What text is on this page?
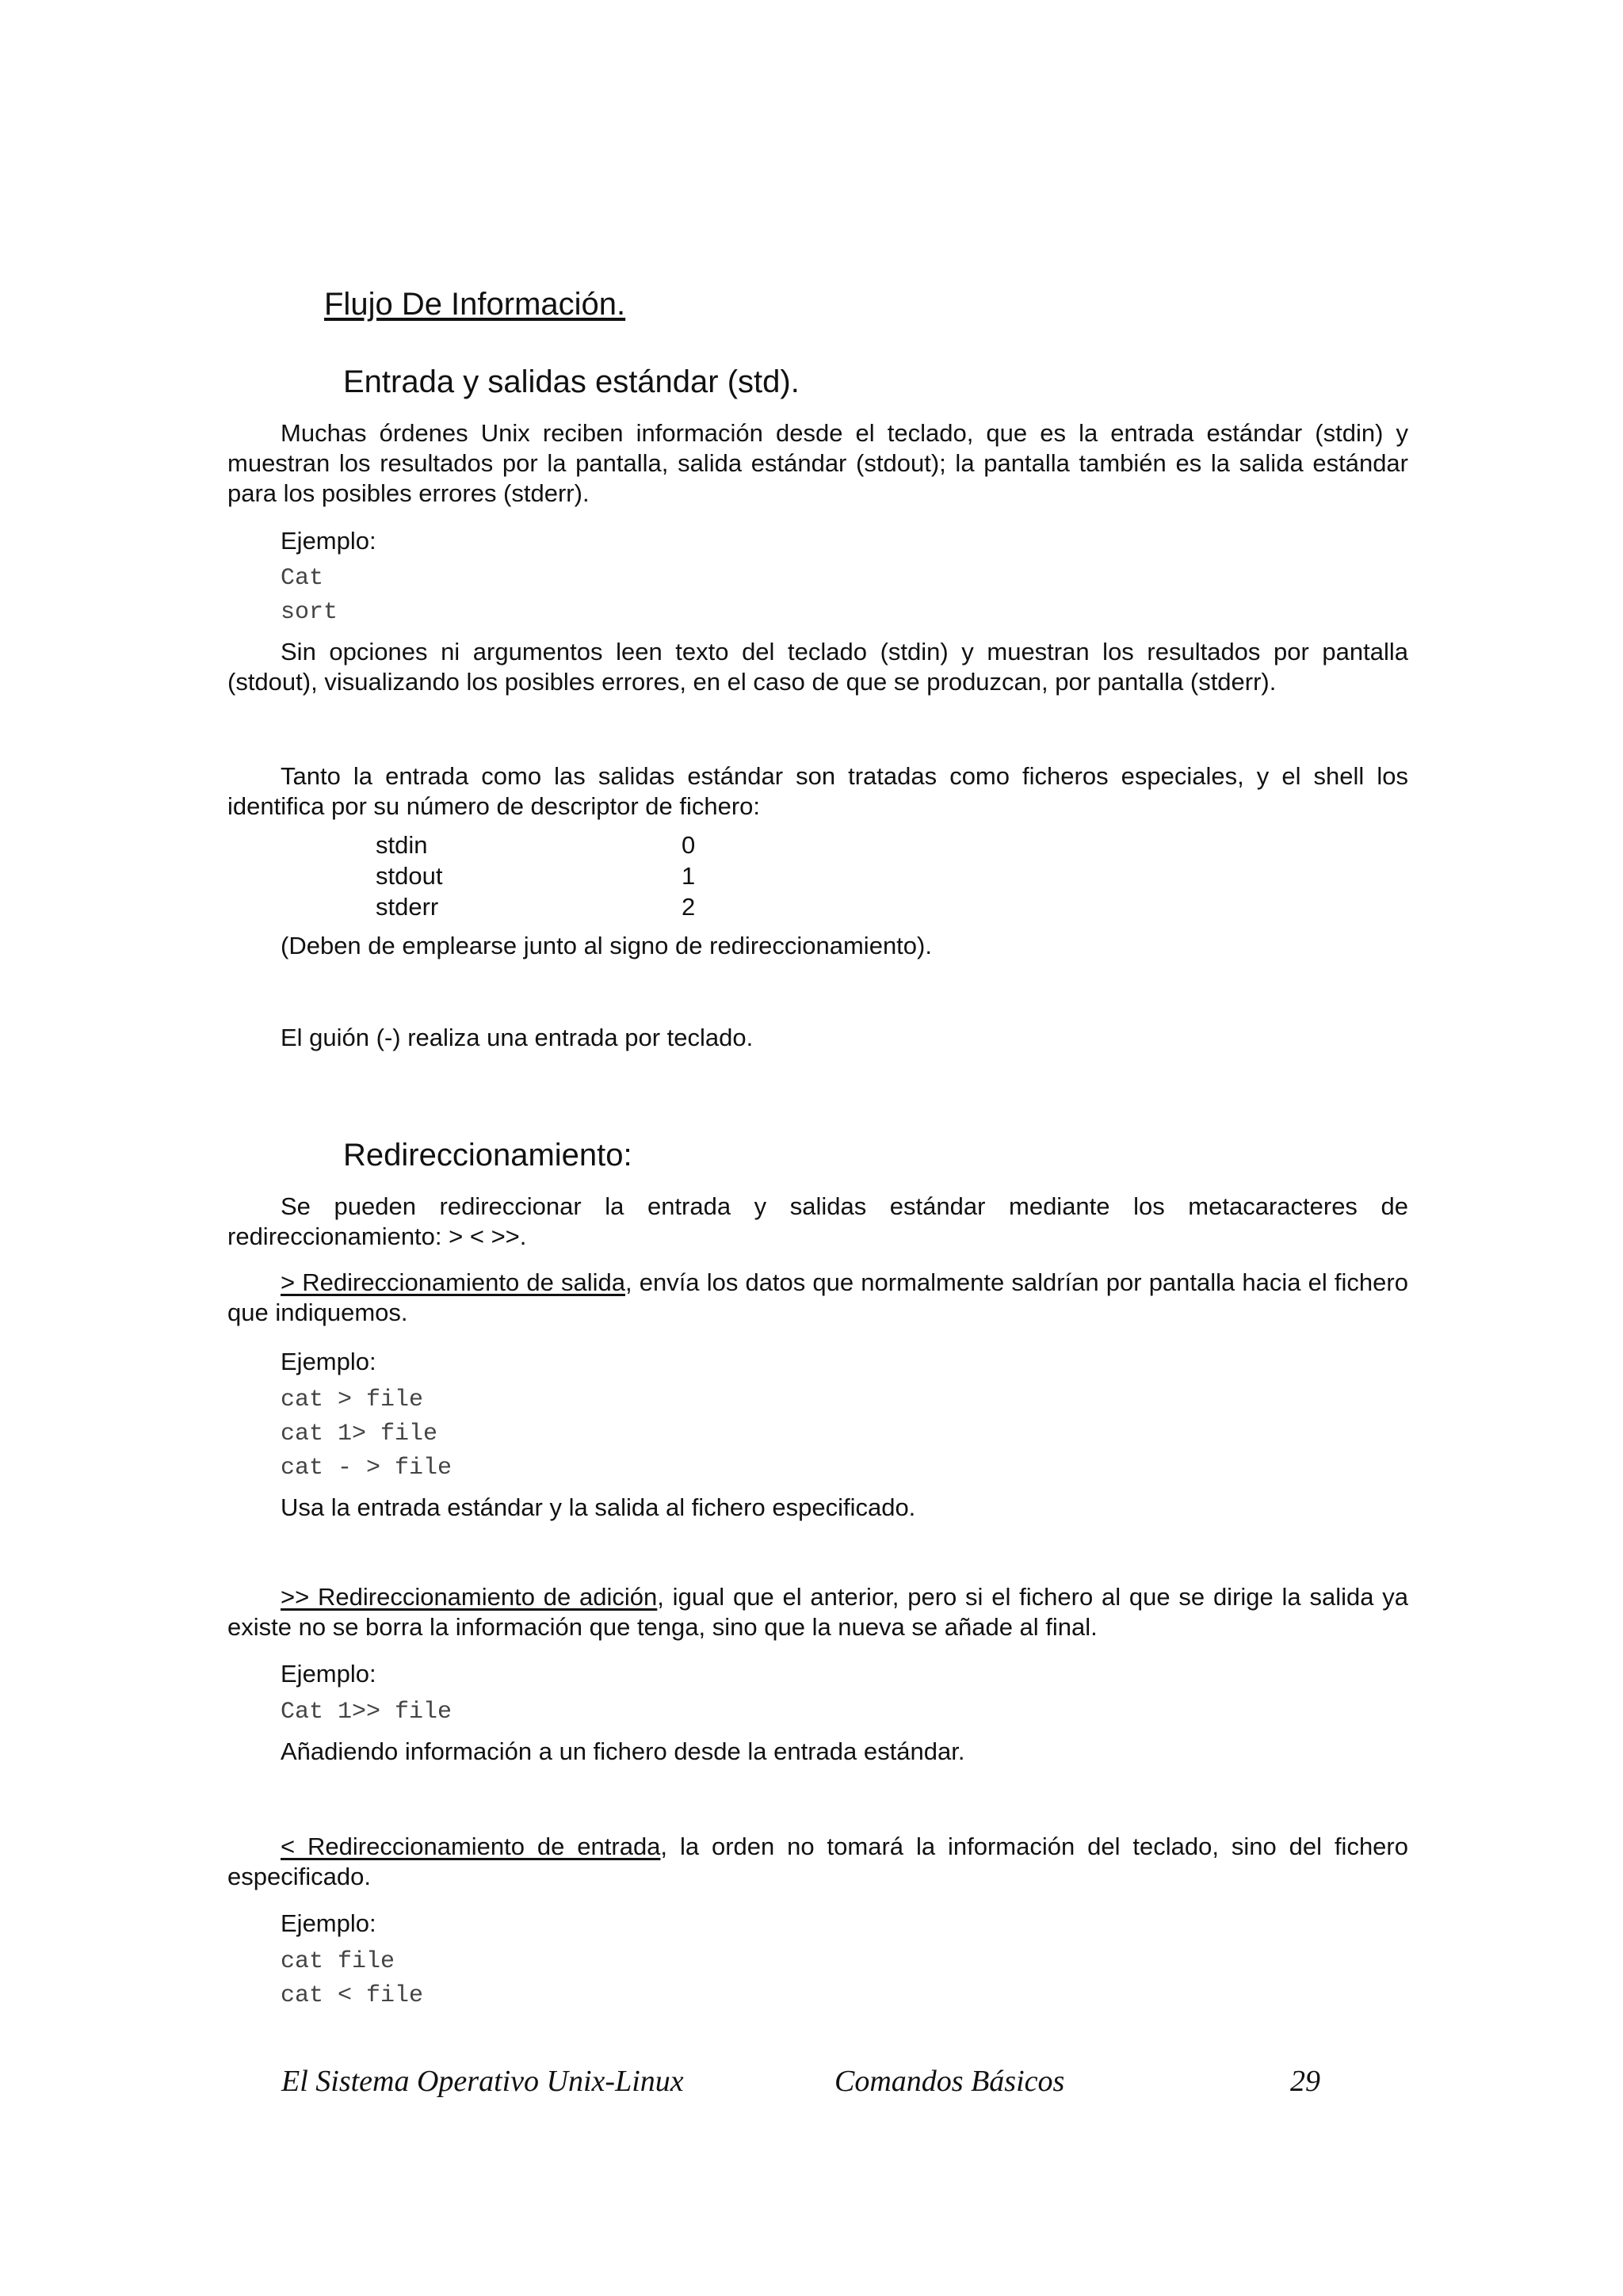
Flujo De Información.
Entrada y salidas estándar (std).

Muchas órdenes Unix reciben información desde el teclado, que es la entrada estándar (stdin) y muestran los resultados por la pantalla, salida estándar (stdout); la pantalla también es la salida estándar para los posibles errores (stderr).

Ejemplo:
Cat
sort

Sin opciones ni argumentos leen texto del teclado (stdin) y muestran los resultados por pantalla (stdout), visualizando los posibles errores, en el caso de que se produzcan, por pantalla (stderr).

Tanto la entrada como las salidas estándar son tratadas como ficheros especiales, y el shell los identifica por su número de descriptor de fichero:

stdin	0
stdout	1
stderr	2
(Deben de emplearse junto al signo de redireccionamiento).
El guión (-) realiza una entrada por teclado.
Redireccionamiento:

Se pueden redireccionar la entrada y salidas estándar mediante los metacaracteres de redireccionamiento: > < >>.

> Redireccionamiento de salida, envía los datos que normalmente saldrían por pantalla hacia el fichero que indiquemos.

Ejemplo:
cat > file
cat 1> file
cat - > file
Usa la entrada estándar y la salida al fichero especificado.

>> Redireccionamiento de adición, igual que el anterior, pero si el fichero al que se dirige la salida ya existe no se borra la información que tenga, sino que la nueva se añade al final.

Ejemplo:
Cat 1>> file
Añadiendo información a un fichero desde la entrada estándar.

< Redireccionamiento de entrada, la orden no tomará la información del teclado, sino del fichero especificado.

Ejemplo:
cat file
cat < file
El Sistema Operativo Unix-Linux	Comandos Básicos	29
